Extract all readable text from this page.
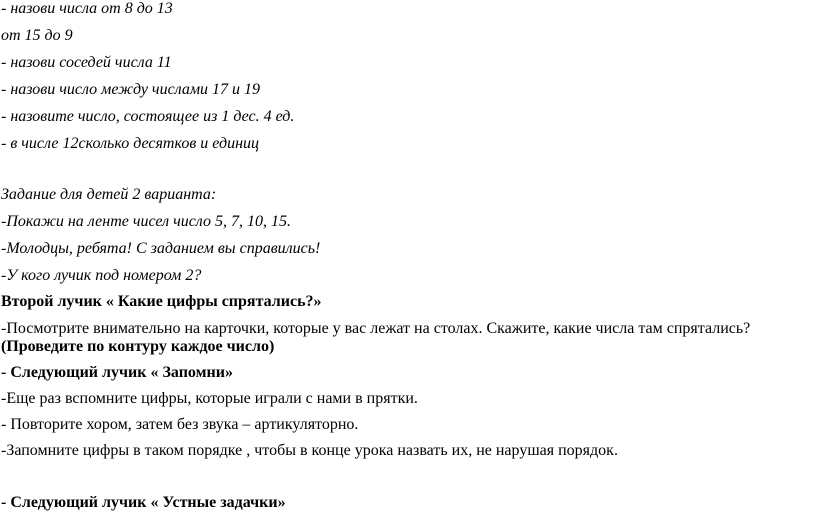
- назови числа от 8 до 13
от 15 до 9
- назови соседей числа 11
- назови число между числами 17 и 19
- назовите число, состоящее из 1 дес. 4 ед.
- в числе 12сколько десятков и единиц
Задание для детей 2 варианта:
-Покажи на ленте чисел число 5, 7, 10, 15.
-Молодцы, ребята! С заданием вы справились!
-У кого лучик под номером 2?
Второй лучик « Какие цифры спрятались?»
-Посмотрите внимательно на карточки, которые у вас лежат на столах. Скажите, какие числа там спрятались?
(Проведите по контуру каждое число)
- Следующий лучик « Запомни»
-Еще раз вспомните цифры, которые играли с нами в прятки.
- Повторите хором, затем без звука – артикуляторно.
-Запомните цифры в таком порядке , чтобы в конце урока назвать их, не нарушая порядок.
- Следующий лучик « Устные задачки»
